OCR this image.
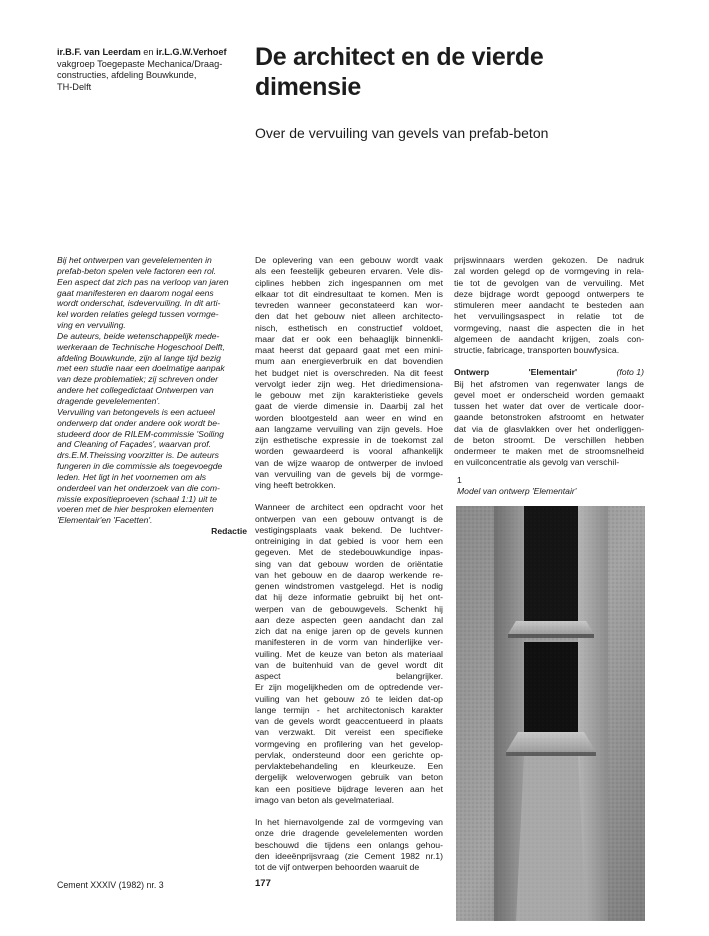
ir.B.F. van Leerdam en ir.L.G.W.Verhoef
vakgroep Toegepaste Mechanica/Draag-
constructies, afdeling Bouwkunde,
TH-Delft
De architect en de vierde
dimensie
Over de vervuiling van gevels van prefab-beton
Bij het ontwerpen van gevelelementen in
prefab-beton spelen vele factoren een rol.
Een aspect dat zich pas na verloop van jaren
gaat manifesteren en daarom nogal eens
wordt onderschat, isdevervuiling. In dit arti-
kel worden relaties gelegd tussen vormge-
ving en vervuiling.
De auteurs, beide wetenschappelijk mede-
werkeraan de Technische Hogeschool Delft,
afdeling Bouwkunde, zijn al lange tijd bezig
met een studie naar een doelmatige aanpak
van deze problematiek; zij schreven onder
andere het collegedictaat Ontwerpen van
dragende gevelelementen'.
Vervuiling van betongevels is een actueel
onderwerp dat onder andere ook wordt be-
studeerd door de RILEM-commissie 'Soiling
and Cleaning of Façades', waarvan prof.
drs.E.M.Theissing voorzitter is. De auteurs
fungeren in die commissie als toegevoegde
leden. Het ligt in het voornemen om als
onderdeel van het onderzoek van die com-
missie expositieproeven (schaal 1:1) uit te
voeren met de hier besproken elementen
'Elementair'en 'Facetten'.
Redactie
De oplevering van een gebouw wordt vaak
als een feestelijk gebeuren ervaren. Vele dis-
ciplines hebben zich ingespannen om met
elkaar tot dit eindresultaat te komen. Men is
tevreden wanneer geconstateerd kan wor-
den dat het gebouw niet alleen architecto-
nisch, esthetisch en constructief voldoet,
maar dat er ook een behaaglijk binnenkli-
maat heerst dat gepaard gaat met een mini-
mum aan energieverbruik en dat bovendien
het budget niet is overschreden. Na dit feest
vervolgt ieder zijn weg. Het driedimensiona-
le gebouw met zijn karakteristieke gevels
gaat de vierde dimensie in. Daarbij zal het
worden blootgesteld aan weer en wind en
aan langzame vervuiling van zijn gevels. Hoe
zijn esthetische expressie in de toekomst zal
worden gewaardeerd is vooral afhankelijk
van de wijze waarop de ontwerper de invloed
van vervuiling van de gevels bij de vormge-
ving heeft betrokken.
Wanneer de architect een opdracht voor het
ontwerpen van een gebouw ontvangt is de
vestigingsplaats vaak bekend. De luchtver-
ontreiniging in dat gebied is voor hem een
gegeven. Met de stedebouwkundige inpas-
sing van dat gebouw worden de oriëntatie
van het gebouw en de daarop werkende re-
genen windstromen vastgelegd. Het is nodig
dat hij deze informatie gebruikt bij het ont-
werpen van de gebouwgevels. Schenkt hij
aan deze aspecten geen aandacht dan zal
zich dat na enige jaren op de gevels kunnen
manifesteren in de vorm van hinderlijke ver-
vuiling. Met de keuze van beton als materiaal
van de buitenhuid van de gevel wordt dit
aspect belangrijker.
Er zijn mogelijkheden om de optredende ver-
vuiling van het gebouw zó te leiden dat-op
lange termijn - het architectonisch karakter
van de gevels wordt geaccentueerd in plaats
van verzwakt. Dit vereist een specifieke
vormgeving en profilering van het gevelop-
pervlak, ondersteund door een gerichte op-
pervlaktebehandeling en kleurkeuze. Een
dergelijk weloverwogen gebruik van beton
kan een positieve bijdrage leveren aan het
imago van beton als gevelmateriaal.
In het hiernavolgende zal de vormgeving van
onze drie dragende gevelelementen worden
beschouwd die tijdens een onlangs gehou-
den ideeënprijsvraag (zie Cement 1982 nr.1)
tot de vijf ontwerpen behoorden waaruit de
prijswinnaars werden gekozen. De nadruk
zal worden gelegd op de vormgeving in rela-
tie tot de gevolgen van de vervuiling. Met
deze bijdrage wordt gepoogd ontwerpers te
stimuleren meer aandacht te besteden aan
het vervuilingsaspect in relatie tot de
vormgeving, naast die aspecten die in het
algemeen de aandacht krijgen, zoals con-
structie, fabricage, transporten bouwfysica.
Ontwerp	'Elementair'	(foto 1)
Bij het afstromen van regenwater langs de
gevel moet er onderscheid worden gemaakt
tussen het water dat over de verticale door-
gaande betonstroken afstroomt en hetwater
dat via de glasvlakken over het onderliggen-
de beton stroomt. De verschillen hebben
ondermeer te maken met de stroomsnelheid
en vuilconcentratie als gevolg van verschil-
1
Model van ontwerp 'Elementair'
Cement XXXIV (1982) nr. 3	177
